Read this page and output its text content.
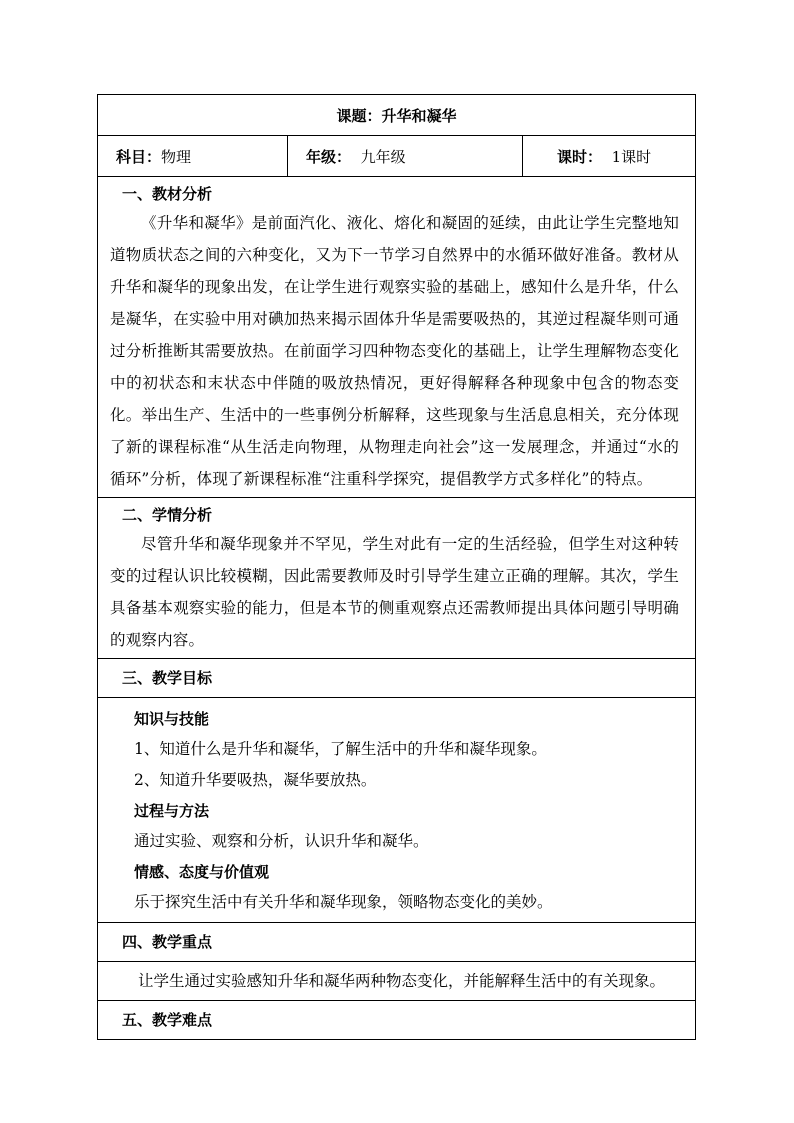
课题：升华和凝华

科目：物理	年级： 九年级	课时： 1课时

一、教材分析
《升华和凝华》是前面汽化、液化、熔化和凝固的延续，由此让学生完整地知道物质状态之间的六种变化，又为下一节学习自然界中的水循环做好准备。教材从升华和凝华的现象出发，在让学生进行观察实验的基础上，感知什么是升华，什么是凝华，在实验中用对碘加热来揭示固体升华是需要吸热的，其逆过程凝华则可通过分析推断其需要放热。在前面学习四种物态变化的基础上，让学生理解物态变化中的初状态和末状态中伴随的吸放热情况，更好得解释各种现象中包含的物态变化。举出生产、生活中的一些事例分析解释，这些现象与生活息息相关，充分体现了新的课程标准“从生活走向物理，从物理走向社会”这一发展理念，并通过“水的循环”分析，体现了新课程标准“注重科学探究，提倡教学方式多样化”的特点。

二、学情分析
尽管升华和凝华现象并不罕见，学生对此有一定的生活经验，但学生对这种转变的过程认识比较模糊，因此需要教师及时引导学生建立正确的理解。其次，学生具备基本观察实验的能力，但是本节的侧重观察点还需教师提出具体问题引导明确的观察内容。

三、教学目标

知识与技能
1、知道什么是升华和凝华，了解生活中的升华和凝华现象。
2、知道升华要吸热，凝华要放热。
过程与方法
通过实验、观察和分析，认识升华和凝华。
情感、态度与价值观
乐于探究生活中有关升华和凝华现象，领略物态变化的美妙。

四、教学重点

让学生通过实验感知升华和凝华两种物态变化，并能解释生活中的有关现象。

五、教学难点
